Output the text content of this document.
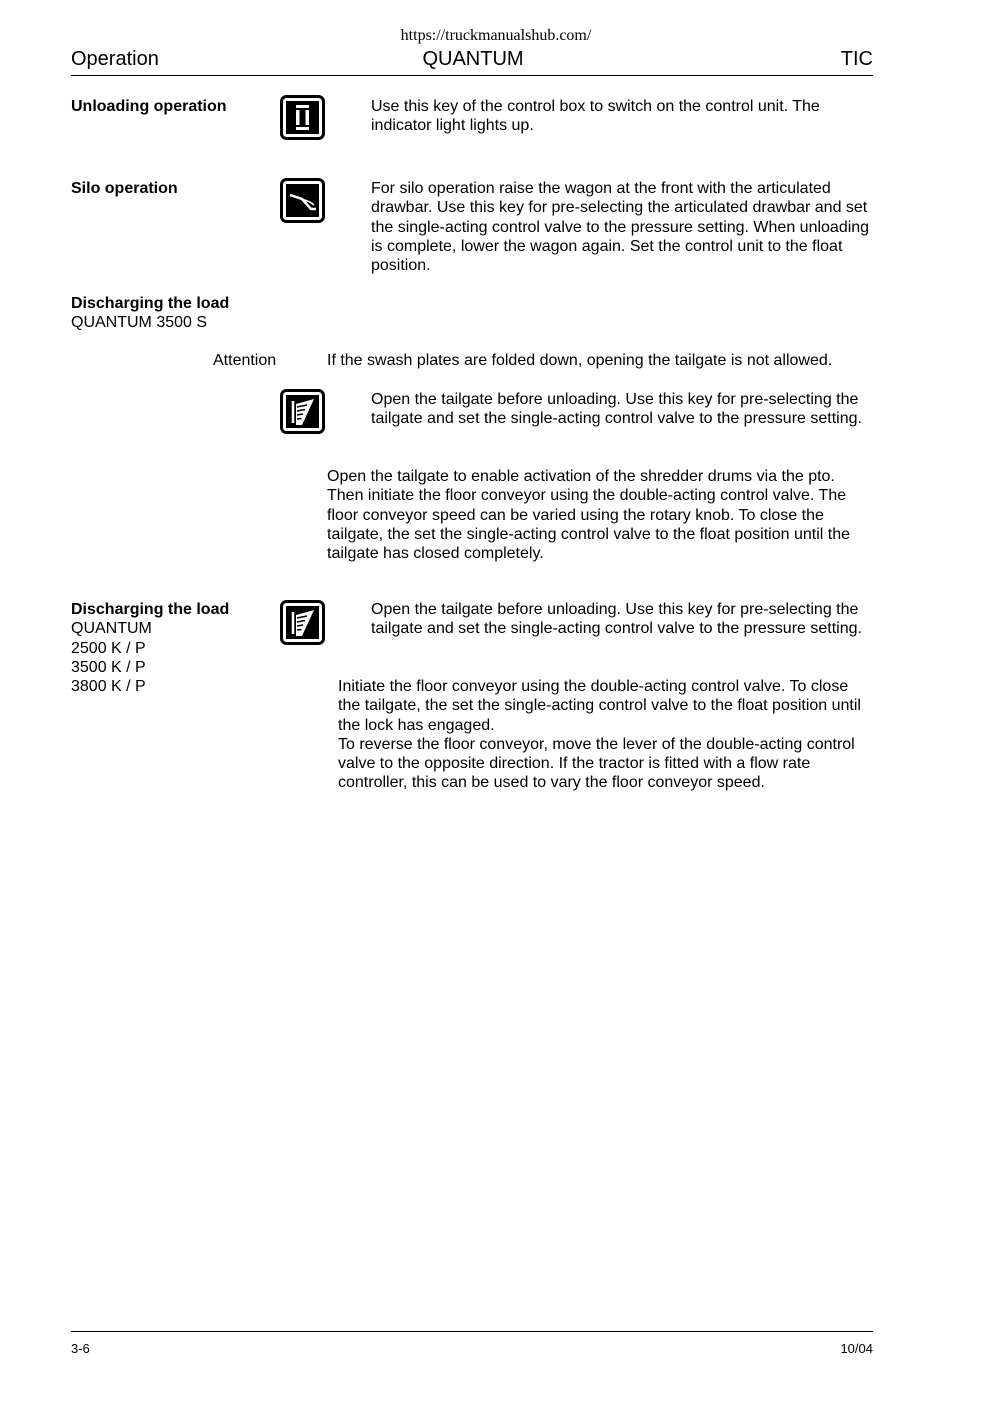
https://truckmanualshub.com/
Operation	QUANTUM	TIC
Unloading operation	Use this key of the control box to switch on the control unit. The indicator light lights up.
Silo operation	For silo operation raise the wagon at the front with the articulated drawbar. Use this key for pre-selecting the articulated drawbar and set the single-acting control valve to the pressure setting. When unloading is complete, lower the wagon again. Set the control unit to the float position.
Discharging the load
QUANTUM 3500 S
Attention	If the swash plates are folded down, opening the tailgate is not allowed.
Open the tailgate before unloading. Use this key for pre-selecting the tailgate and set the single-acting control valve to the pressure setting.
Open the tailgate to enable activation of the shredder drums via the pto. Then initiate the floor conveyor using the double-acting control valve. The floor conveyor speed can be varied using the rotary knob. To close the tailgate, the set the single-acting control valve to the float position until the tailgate has closed completely.
Discharging the load
QUANTUM
2500 K / P
3500 K / P
3800 K / P
Open the tailgate before unloading. Use this key for pre-selecting the tailgate and set the single-acting control valve to the pressure setting.
Initiate the floor conveyor using the double-acting control valve. To close the tailgate, the set the single-acting control valve to the float position until the lock has engaged.
To reverse the floor conveyor, move the lever of the double-acting control valve to the opposite direction. If the tractor is fitted with a flow rate controller, this can be used to vary the floor conveyor speed.
3-6	10/04
